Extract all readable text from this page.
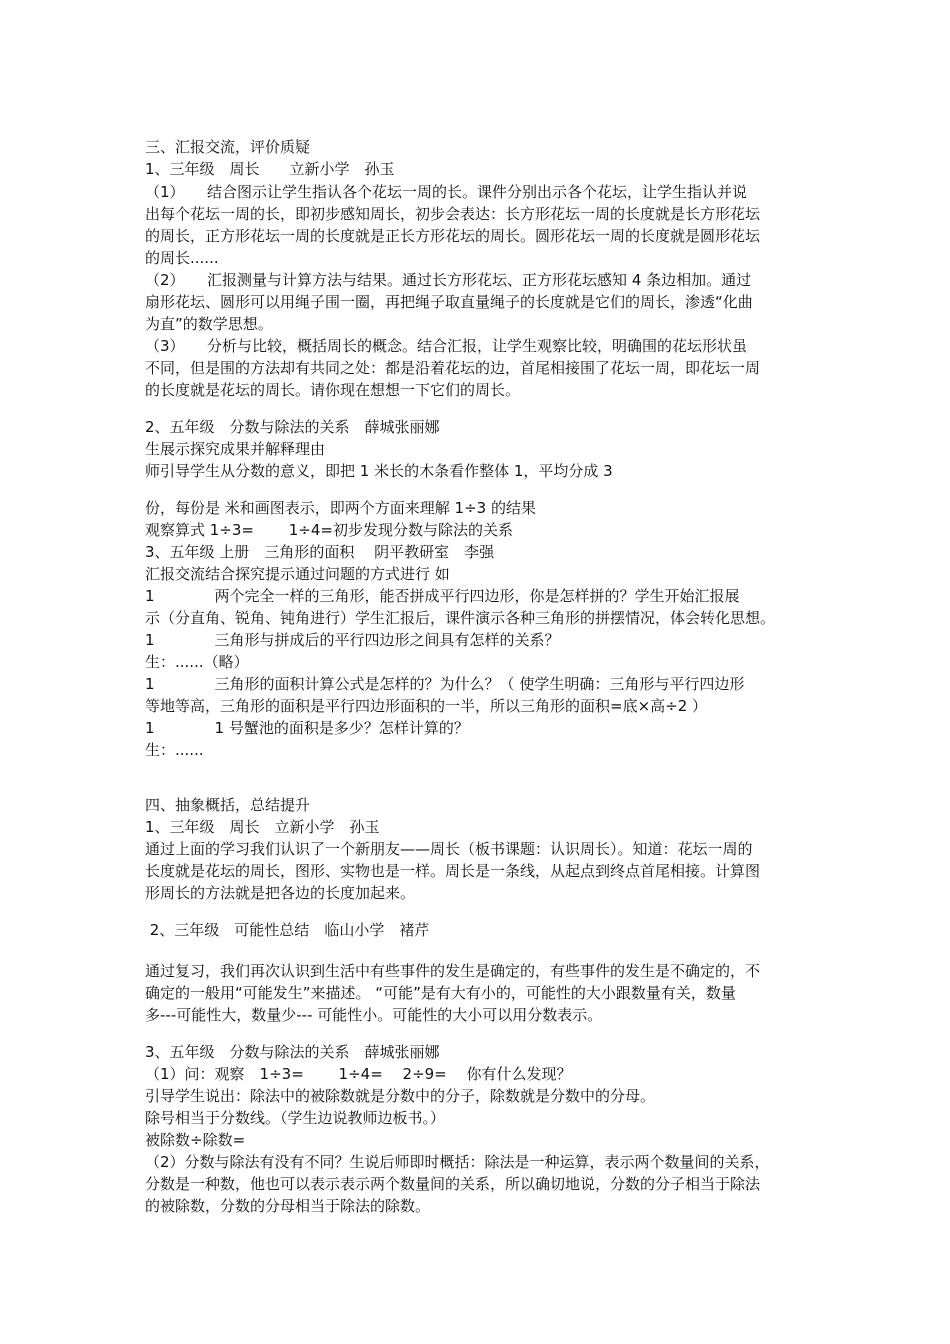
三、汇报交流，评价质疑
1、三年级　周长　　立新小学　孙玉
（1）　　结合图示让学生指认各个花坛一周的长。课件分别出示各个花坛，让学生指认并说
出每个花坛一周的长，即初步感知周长，初步会表达：长方形花坛一周的长度就是长方形花坛
的周长，正方形花坛一周的长度就是正长方形花坛的周长。圆形花坛一周的长度就是圆形花坛
的周长......
（2）　　汇报测量与计算方法与结果。通过长方形花坛、正方形花坛感知 4 条边相加。通过
扇形花坛、圆形可以用绳子围一圈，再把绳子取直量绳子的长度就是它们的周长，渗透“化曲
为直”的数学思想。
（3）　　分析与比较，概括周长的概念。结合汇报，让学生观察比较，明确围的花坛形状虽
不同，但是围的方法却有共同之处：都是沿着花坛的边，首尾相接围了花坛一周，即花坛一周
的长度就是花坛的周长。请你现在想想一下它们的周长。
2、五年级　分数与除法的关系　薛城张丽娜
生展示探究成果并解释理由
师引导学生从分数的意义，即把 1 米长的木条看作整体 1，平均分成 3
份，每份是 米和画图表示，即两个方面来理解 1÷3 的结果
观察算式 1÷3=　　 1÷4=初步发现分数与除法的关系
3、五年级 上册　三角形的面积　 阴平教研室　李强
汇报交流结合探究提示通过问题的方式进行 如
1　　　　两个完全一样的三角形，能否拼成平行四边形，你是怎样拼的？学生开始汇报展
示（分直角、锐角、钝角进行）学生汇报后，课件演示各种三角形的拼摆情况，体会转化思想。
1　　　　三角形与拼成后的平行四边形之间具有怎样的关系？
生：......（略）
1　　　　三角形的面积计算公式是怎样的？为什么？（ 使学生明确：三角形与平行四边形
等地等高，三角形的面积是平行四边形面积的一半，所以三角形的面积=底×高÷2 ）
1　　　　1 号蟹池的面积是多少？怎样计算的？
生：......
四、抽象概括，总结提升
1、三年级　周长　立新小学　孙玉
通过上面的学习我们认识了一个新朋友——周长（板书课题：认识周长）。知道：花坛一周的
长度就是花坛的周长，图形、实物也是一样。周长是一条线，从起点到终点首尾相接。计算图
形周长的方法就是把各边的长度加起来。
2、三年级　可能性总结　临山小学　褚芹
通过复习，我们再次认识到生活中有些事件的发生是确定的，有些事件的发生是不确定的，不
确定的一般用“可能发生”来描述。 “可能”是有大有小的，可能性的大小跟数量有关，数量
多---可能性大，数量少--- 可能性小。可能性的大小可以用分数表示。
3、五年级　分数与除法的关系　薛城张丽娜
（1）问：观察　1÷3=　　 1÷4=　 2÷9=　 你有什么发现？
引导学生说出：除法中的被除数就是分数中的分子，除数就是分数中的分母。
除号相当于分数线。（学生边说教师边板书。）
被除数÷除数=
（2）分数与除法有没有不同？生说后师即时概括：除法是一种运算，表示两个数量间的关系，
分数是一种数，他也可以表示表示两个数量间的关系，所以确切地说，分数的分子相当于除法
的被除数，分数的分母相当于除法的除数。
